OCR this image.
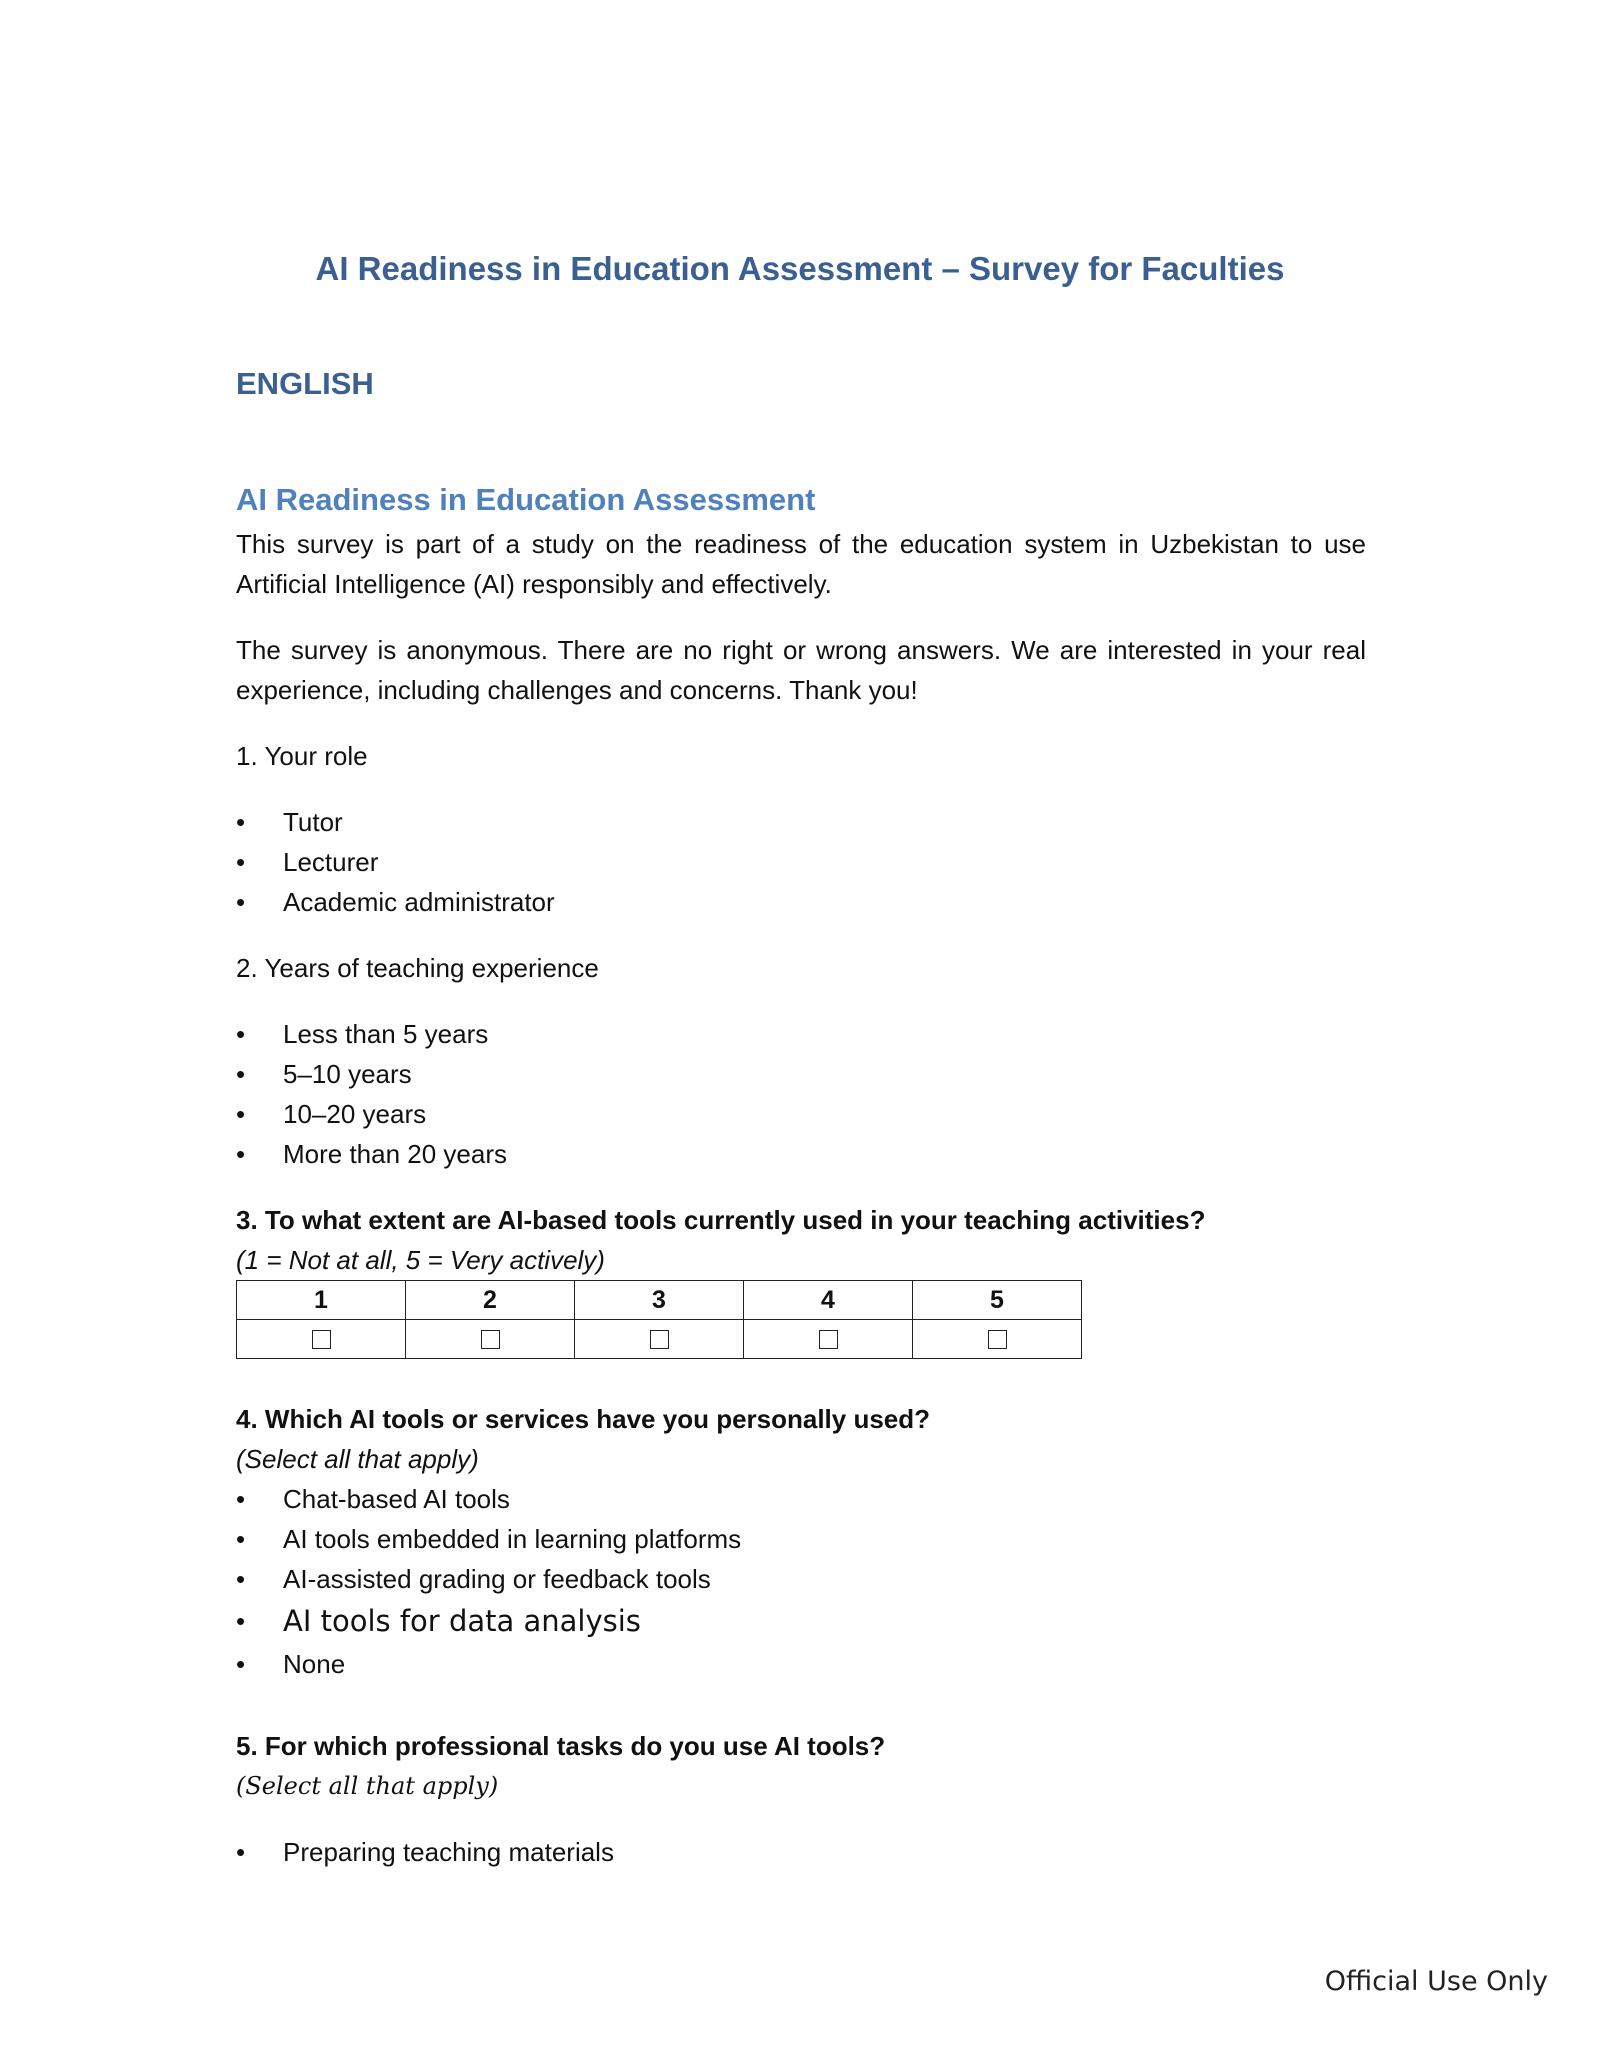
AI Readiness in Education Assessment – Survey for Faculties
ENGLISH
AI Readiness in Education Assessment

This survey is part of a study on the readiness of the education system in Uzbekistan to use Artificial Intelligence (AI) responsibly and effectively.

The survey is anonymous. There are no right or wrong answers. We are interested in your real experience, including challenges and concerns. Thank you!

1. Your role
•	Tutor
•	Lecturer
•	Academic administrator
2. Years of teaching experience
•	Less than 5 years
•	5–10 years
•	10–20 years
•	More than 20 years
3. To what extent are AI-based tools currently used in your teaching activities?
(1 = Not at all, 5 = Very actively)
1	2	3	4	5

4. Which AI tools or services have you personally used?
(Select all that apply)
•	Chat-based AI tools
•	AI tools embedded in learning platforms
•	AI-assisted grading or feedback tools
•	AI tools for data analysis
•	None
5. For which professional tasks do you use AI tools?
(Select all that apply)
•	Preparing teaching materials
Official Use Only
